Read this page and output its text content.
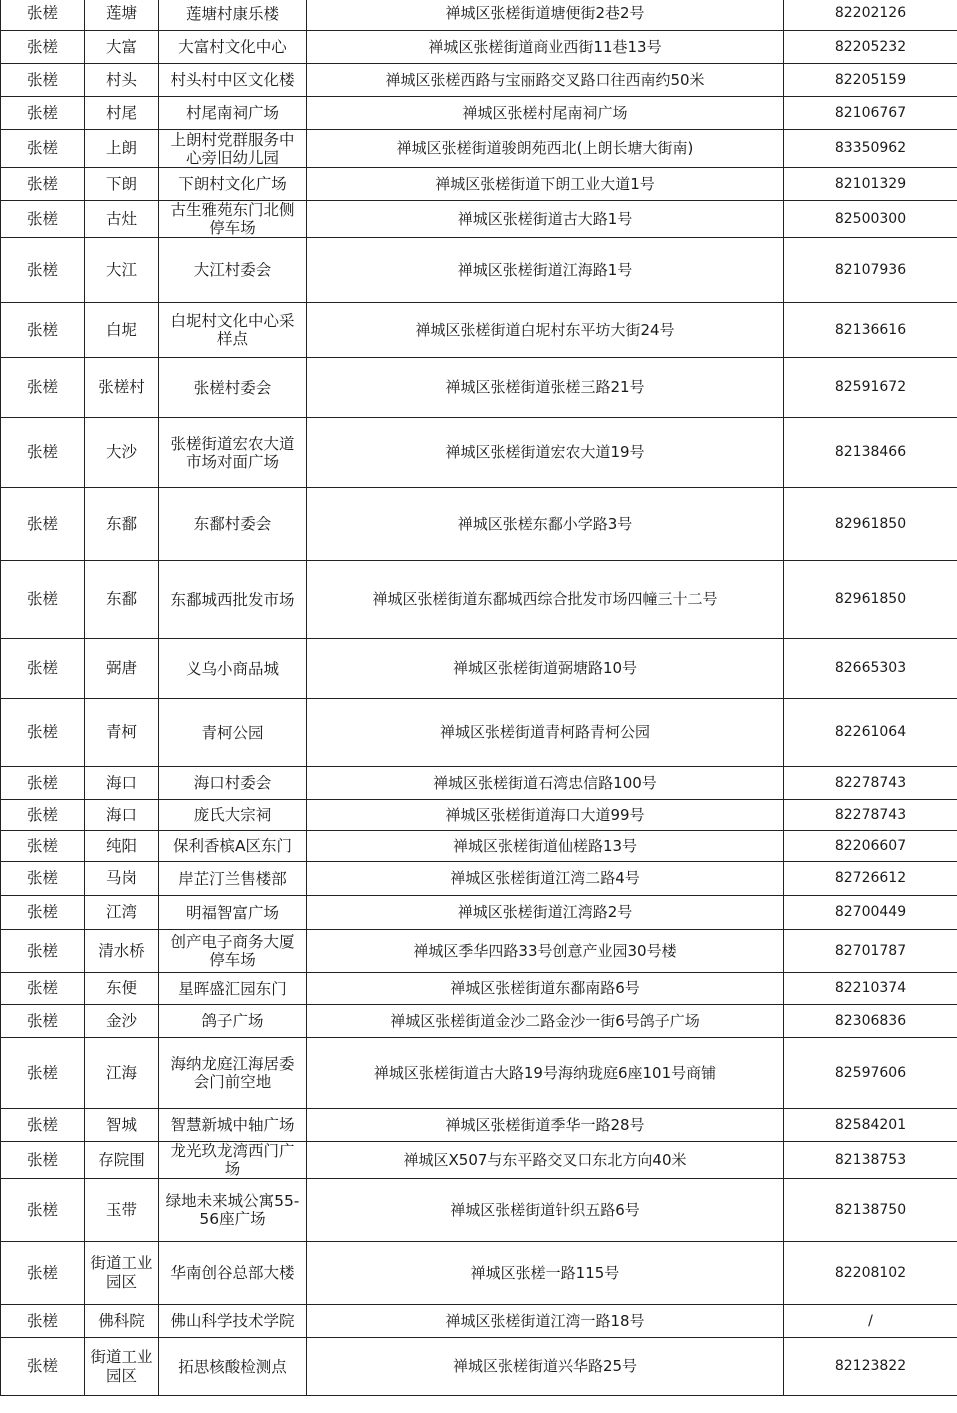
张槎	莲塘	莲塘村康乐楼	禅城区张槎街道塘便街2巷2号	82202126
张槎	大富	大富村文化中心	禅城区张槎街道商业西街11巷13号	82205232
张槎	村头	村头村中区文化楼	禅城区张槎西路与宝丽路交叉路口往西南约50米	82205159
张槎	村尾	村尾南祠广场	禅城区张槎村尾南祠广场	82106767
张槎	上朗	上朗村党群服务中心旁旧幼儿园	禅城区张槎街道骏朗苑西北(上朗长塘大街南)	83350962
张槎	下朗	下朗村文化广场	禅城区张槎街道下朗工业大道1号	82101329
张槎	古灶	古生雅苑东门北侧停车场	禅城区张槎街道古大路1号	82500300
张槎	大江	大江村委会	禅城区张槎街道江海路1号	82107936
张槎	白坭	白坭村文化中心采样点	禅城区张槎街道白坭村东平坊大街24号	82136616
张槎	张槎村	张槎村委会	禅城区张槎街道张槎三路21号	82591672
张槎	大沙	张槎街道宏农大道市场对面广场	禅城区张槎街道宏农大道19号	82138466
张槎	东鄱	东鄱村委会	禅城区张槎东鄱小学路3号	82961850
张槎	东鄱	东鄱城西批发市场	禅城区张槎街道东鄱城西综合批发市场四幢三十二号	82961850
张槎	弼唐	义乌小商品城	禅城区张槎街道弼塘路10号	82665303
张槎	青柯	青柯公园	禅城区张槎街道青柯路青柯公园	82261064
张槎	海口	海口村委会	禅城区张槎街道石湾忠信路100号	82278743
张槎	海口	庞氏大宗祠	禅城区张槎街道海口大道99号	82278743
张槎	纯阳	保利香槟A区东门	禅城区张槎街道仙槎路13号	82206607
张槎	马岗	岸芷汀兰售楼部	禅城区张槎街道江湾二路4号	82726612
张槎	江湾	明福智富广场	禅城区张槎街道江湾路2号	82700449
张槎	清水桥	创产电子商务大厦停车场	禅城区季华四路33号创意产业园30号楼	82701787
张槎	东便	星晖盛汇园东门	禅城区张槎街道东鄱南路6号	82210374
张槎	金沙	鸽子广场	禅城区张槎街道金沙二路金沙一街6号鸽子广场	82306836
张槎	江海	海纳龙庭江海居委会门前空地	禅城区张槎街道古大路19号海纳珑庭6座101号商铺	82597606
张槎	智城	智慧新城中轴广场	禅城区张槎街道季华一路28号	82584201
张槎	存院围	龙光玖龙湾西门广场	禅城区X507与东平路交叉口东北方向40米	82138753
张槎	玉带	绿地未来城公寓55-56座广场	禅城区张槎街道针织五路6号	82138750
张槎	街道工业园区	华南创谷总部大楼	禅城区张槎一路115号	82208102
张槎	佛科院	佛山科学技术学院	禅城区张槎街道江湾一路18号	/
张槎	街道工业园区	拓思核酸检测点	禅城区张槎街道兴华路25号	82123822
